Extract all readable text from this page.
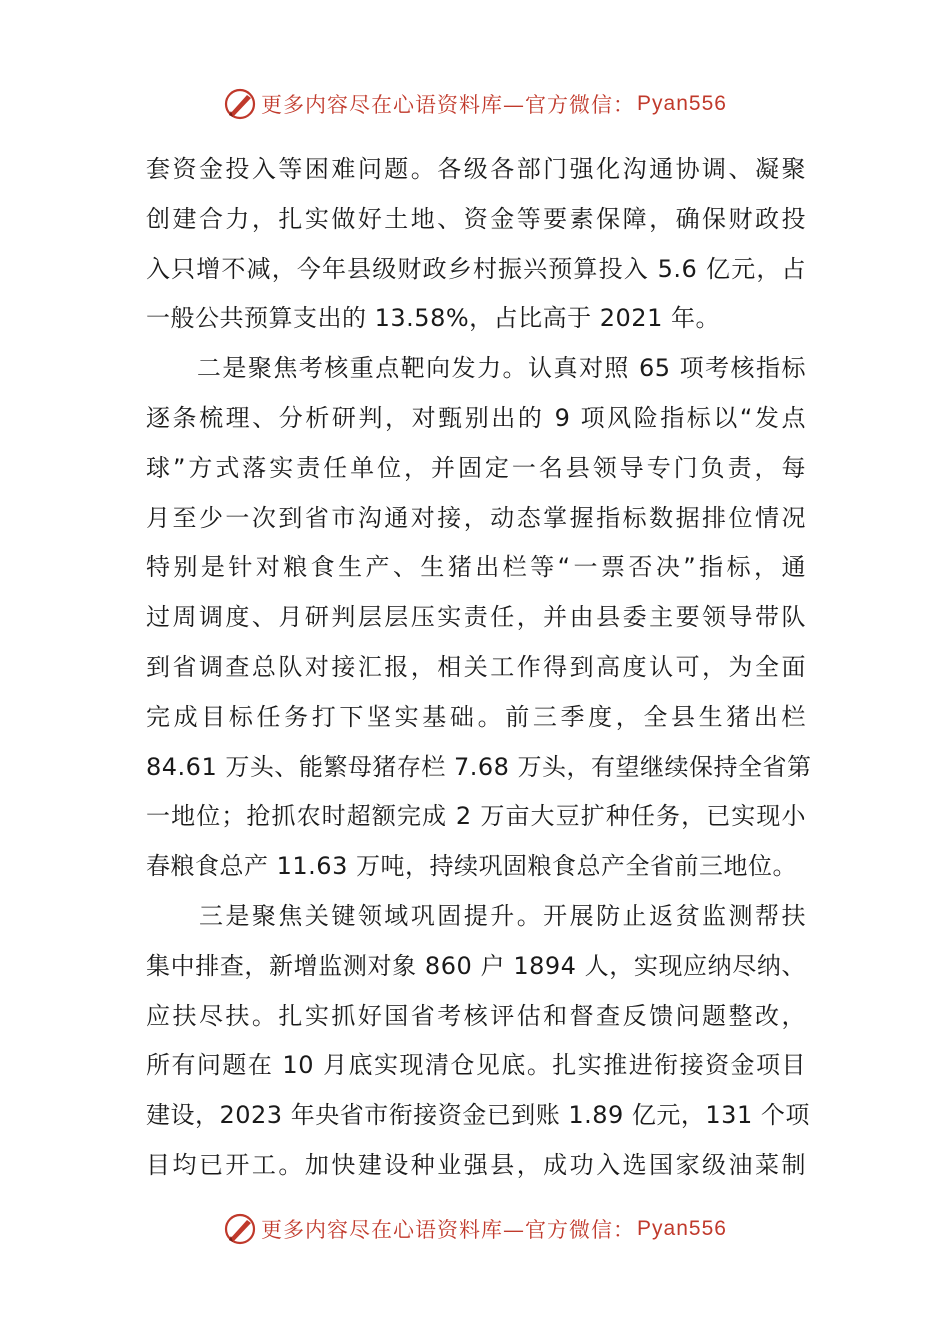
更多内容尽在心语资料库—官方微信： Pyan556
套资金投入等困难问题。各级各部门强化沟通协调、凝聚
创建合力，扎实做好土地、资金等要素保障，确保财政投
入只增不减，今年县级财政乡村振兴预算投入 5.6 亿元，占
一般公共预算支出的 13.58%，占比高于 2021 年。
　　二是聚焦考核重点靶向发力。认真对照 65 项考核指标
逐条梳理、分析研判，对甄别出的 9 项风险指标以“发点
球”方式落实责任单位，并固定一名县领导专门负责，每
月至少一次到省市沟通对接，动态掌握指标数据排位情况
特别是针对粮食生产、生猪出栏等“一票否决”指标，通
过周调度、月研判层层压实责任，并由县委主要领导带队
到省调查总队对接汇报，相关工作得到高度认可，为全面
完成目标任务打下坚实基础。前三季度，全县生猪出栏
84.61 万头、能繁母猪存栏 7.68 万头，有望继续保持全省第
一地位；抢抓农时超额完成 2 万亩大豆扩种任务，已实现小
春粮食总产 11.63 万吨，持续巩固粮食总产全省前三地位。
　　三是聚焦关键领域巩固提升。开展防止返贫监测帮扶
集中排查，新增监测对象 860 户 1894 人，实现应纳尽纳、
应扶尽扶。扎实抓好国省考核评估和督查反馈问题整改，
所有问题在 10 月底实现清仓见底。扎实推进衔接资金项目
建设，2023 年央省市衔接资金已到账 1.89 亿元，131 个项
目均已开工。加快建设种业强县，成功入选国家级油菜制
更多内容尽在心语资料库—官方微信： Pyan556
